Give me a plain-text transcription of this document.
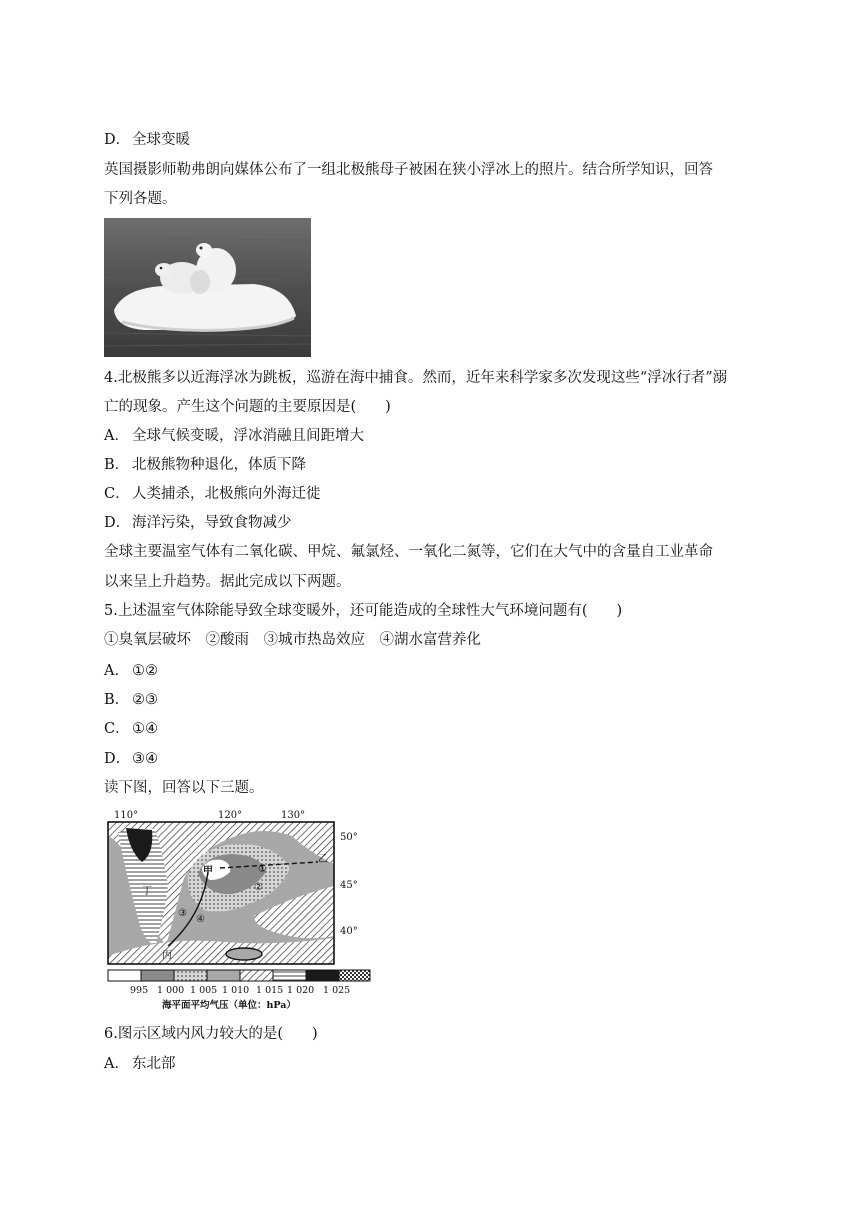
D． 全球变暖
英国摄影师勒弗朗向媒体公布了一组北极熊母子被困在狭小浮冰上的照片。结合所学知识，回答
下列各题。
4.北极熊多以近海浮冰为跳板，巡游在海中捕食。然而，近年来科学家多次发现这些“浮冰行者”溺
亡的现象。产生这个问题的主要原因是(　　)
A． 全球气候变暖，浮冰消融且间距增大
B． 北极熊物种退化，体质下降
C． 人类捕杀，北极熊向外海迁徙
D． 海洋污染，导致食物减少
全球主要温室气体有二氧化碳、甲烷、氟氯烃、一氧化二氮等，它们在大气中的含量自工业革命
以来呈上升趋势。据此完成以下两题。
5.上述温室气体除能导致全球变暖外，还可能造成的全球性大气环境问题有(　　)
①臭氧层破坏　②酸雨　③城市热岛效应　④湖水富营养化
A． ①②
B． ②③
C． ①④
D． ③④
读下图，回答以下三题。
110°	120°	130°
50°
45°
40°
甲
乙
丙
丁
①
②
③
④
995 1 000 1 005 1 010 1 015 1 020 1 025
海平面平均气压（单位：hPa）
6.图示区域内风力较大的是(　　)
A． 东北部
